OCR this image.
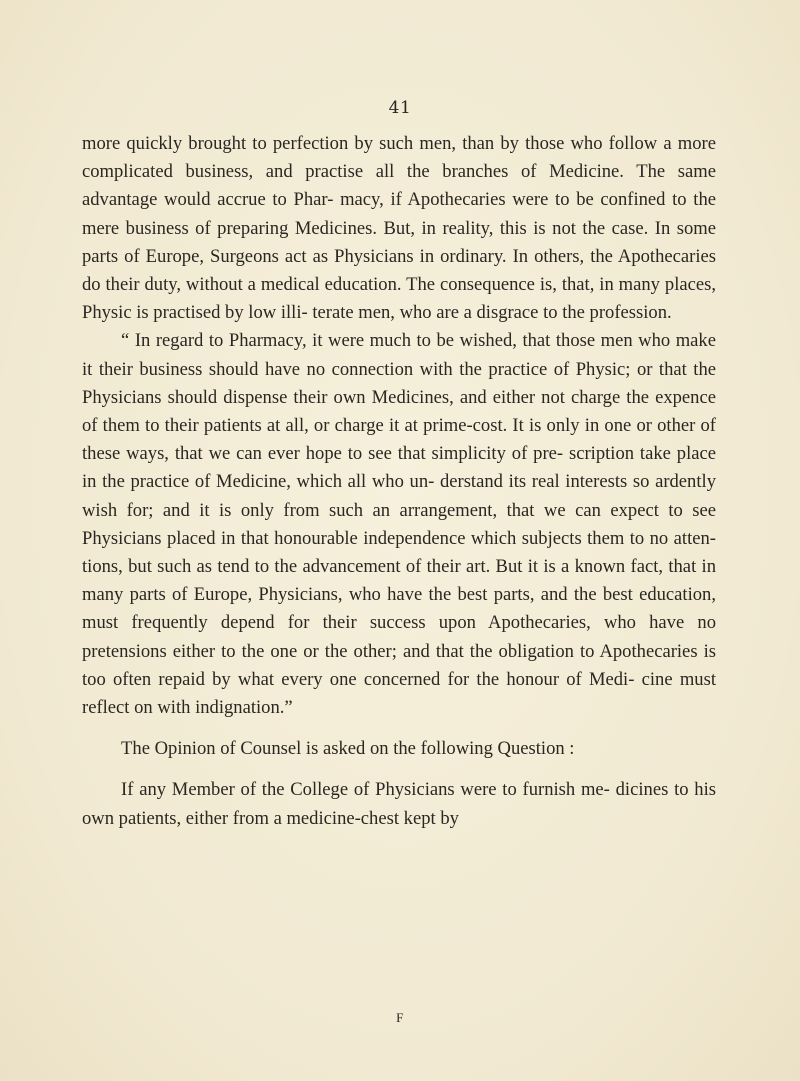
41

more quickly brought to perfection by such men, than by those who follow a more complicated business, and practise all the branches of Medicine. The same advantage would accrue to Phar- macy, if Apothecaries were to be confined to the mere business of preparing Medicines. But, in reality, this is not the case. In some parts of Europe, Surgeons act as Physicians in ordinary. In others, the Apothecaries do their duty, without a medical education. The consequence is, that, in many places, Physic is practised by low illi- terate men, who are a disgrace to the profession.

“ In regard to Pharmacy, it were much to be wished, that those men who make it their business should have no connection with the practice of Physic; or that the Physicians should dispense their own Medicines, and either not charge the expence of them to their patients at all, or charge it at prime-cost. It is only in one or other of these ways, that we can ever hope to see that simplicity of pre- scription take place in the practice of Medicine, which all who un- derstand its real interests so ardently wish for; and it is only from such an arrangement, that we can expect to see Physicians placed in that honourable independence which subjects them to no atten- tions, but such as tend to the advancement of their art. But it is a known fact, that in many parts of Europe, Physicians, who have the best parts, and the best education, must frequently depend for their success upon Apothecaries, who have no pretensions either to the one or the other; and that the obligation to Apothecaries is too often repaid by what every one concerned for the honour of Medi- cine must reflect on with indignation.”

The Opinion of Counsel is asked on the following Question :

If any Member of the College of Physicians were to furnish me- dicines to his own patients, either from a medicine-chest kept by

F
